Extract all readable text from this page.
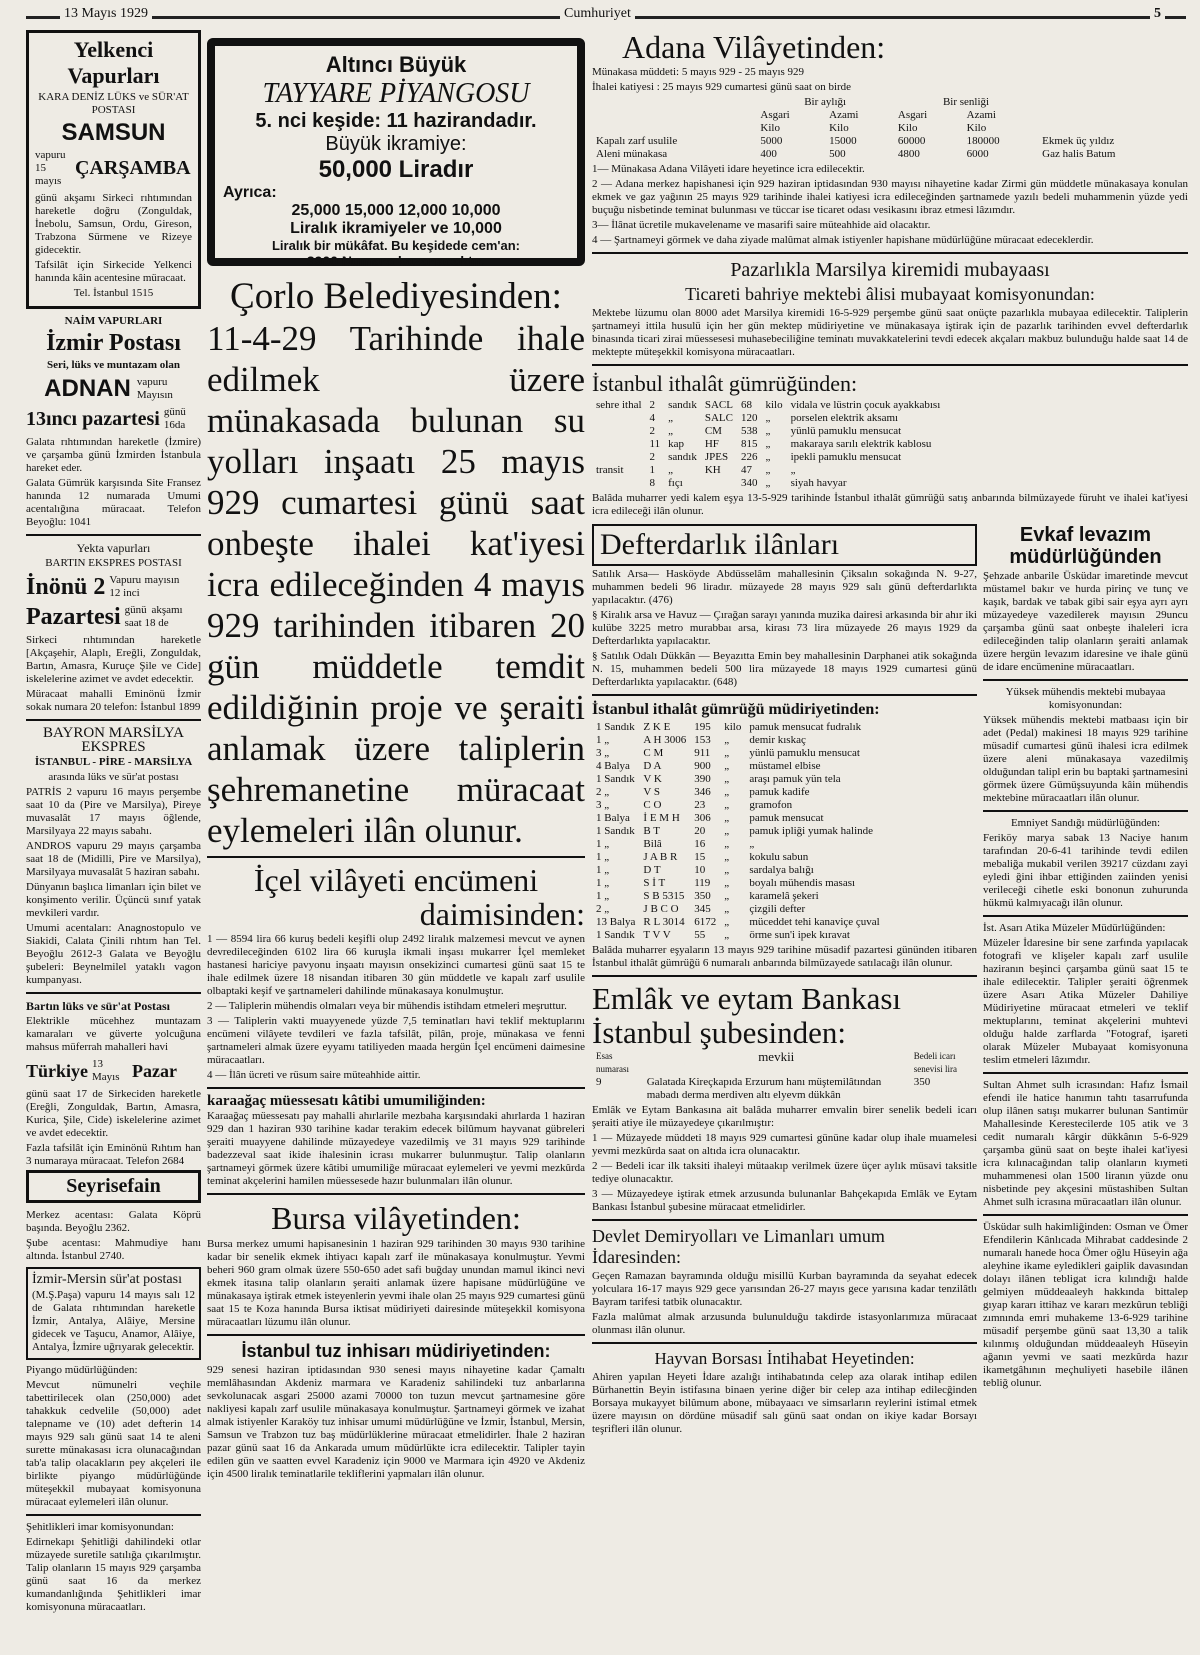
13 Mayıs 1929	Cumhuriyet	5

Yelkenci Vapurları

KARA DENİZ LÜKS ve SÜR'AT POSTASI

SAMSUN

vapuru 15 mayıs
ÇARŞAMBA

günü akşamı Sirkeci rıhtımından hareketle doğru (Zonguldak, İnebolu, Samsun, Ordu, Gireson, Trabzona Sürmene ve Rizeye gidecektir.

Tafsilât için Sirkecide Yelkenci hanında kâin acentesine müracaat.

Tel. İstanbul 1515

NAİM VAPURLARI

İzmir Postası

Seri, lüks ve muntazam olan

ADNAN vapuru Mayısın
13ıncı pazartesi günü 16da

Galata rıhtımından hareketle (İzmire) ve çarşamba günü İzmirden İstanbula hareket eder.

Galata Gümrük karşısında Site Fransez hanında 12 numarada Umumi acentalığına müracaat. Telefon Beyoğlu: 1041

Yekta vapurları

BARTIN EKSPRES POSTASI

İnönü 2 Vapuru mayısın 12 inci
Pazartesi günü akşamı saat 18 de

Sirkeci rıhtımından hareketle [Akçaşehir, Alaplı, Ereğli, Zonguldak, Bartın, Amasra, Kuruçe Şile ve Cide] iskelelerine azimet ve avdet edecektir.

Müracaat mahalli Eminönü İzmir sokak numara 20 telefon: İstanbul 1899

BAYRON MARSİLYA EKSPRES

İSTANBUL - PİRE - MARSİLYA

arasında lüks ve sür'at postası

PATRİS 2 vapuru 16 mayıs perşembe saat 10 da (Pire ve Marsilya), Pireye muvasalât 17 mayıs öğlende, Marsilyaya 22 mayıs sabahı.

ANDROS vapuru 29 mayıs çarşamba saat 18 de (Midilli, Pire ve Marsilya), Marsilyaya muvasalât 5 haziran sabahı.

Dünyanın başlıca limanları için bilet ve konşimento verilir. Üçüncü sınıf yatak mevkileri vardır.

Umumi acentaları: Anagnostopulo ve Siakidi, Calata Çinili rıhtım han Tel. Beyoğlu 2612-3 Galata ve Beyoğlu şubeleri: Beynelmilel yataklı vagon kumpanyası.

Bartın lüks ve sür'at Postası

Elektrikle mücehhez muntazam kamaraları ve güverte yolcuğuna mahsus müferrah mahalleri havi

Türkiye 13 Mayıs Pazar

günü saat 17 de Sirkeciden hareketle (Ereğli, Zonguldak, Bartın, Amasra, Kurica, Şile, Cide) iskelelerine azimet ve avdet edecektir.

Fazla tafsilât için Eminönü Rıhtım han 3 numaraya müracaat. Telefon 2684

Seyrisefain

Merkez acentası: Galata Köprü başında. Beyoğlu 2362.

Şube acentası: Mahmudiye hanı altında. İstanbul 2740.

İzmir-Mersin sür'at postası

(M.Ş.Paşa) vapuru 14 mayıs salı 12 de Galata rıhtımından hareketle İzmir, Antalya, Alâiye, Mersine gidecek ve Taşucu, Anamor, Alâiye, Antalya, İzmire uğrıyarak gelecektir.

Piyango müdürlüğünden:

Mevcut nümunelri veçhile tabettirilecek olan (250,000) adet tahakkuk cedvelile (50,000) adet talepname ve (10) adet defterin 14 mayıs 929 salı günü saat 14 te aleni surette münakasası icra olunacağından tab'a talip olacakların pey akçeleri ile birlikte piyango müdürlüğünde müteşekkil mubayaat komisyonuna müracaat eylemeleri ilân olunur.

Şehitlikleri imar komisyonundan:

Edirnekapı Şehitliği dahilindeki otlar müzayede suretile satılığa çıkarılmıştır. Talip olanların 15 mayıs 929 çarşamba günü saat 16 da merkez kumandanlığında Şehitlikleri imar komisyonuna müracaatları.

Altıncı Büyük

TAYYARE PİYANGOSU

5. nci keşide: 11 hazirandadır.

Büyük ikramiye:

50,000 Liradır

Ayrıca:

25,000 15,000 12,000 10,000

Liralık ikramiyeler ve 10,000

Liralık bir mükâfat. Bu keşidede cem'an:

3900 Numara kazanacaktır.

Çorlo Belediyesinden:

11-4-29 Tarihinde ihale edilmek üzere münakasada bulunan su yolları inşaatı 25 mayıs 929 cumartesi günü saat onbeşte ihalei kat'iyesi icra edileceğinden 4 mayıs 929 tarihinden itibaren 20 gün müddetle temdit edildiğinin proje ve şeraiti anlamak üzere taliplerin şehremanetine müracaat eylemeleri ilân olunur.

İçel vilâyeti encümeni

daimisinden:

1 — 8594 lira 66 kuruş bedeli keşifli olup 2492 liralık malzemesi mevcut ve aynen devredileceğinden 6102 lira 66 kuruşla ikmali inşası mukarrer İçel memleket hastanesi hariciye pavyonu inşaatı mayısın onsekizinci cumartesi günü saat 15 te ihale edilmek üzere 18 nisandan itibaren 30 gün müddetle ve kapalı zarf usulile olbaptaki keşif ve şartnameleri dahilinde münakasaya konulmuştur.

2 — Taliplerin mühendis olmaları veya bir mühendis istihdam etmeleri meşruttur.

3 — Taliplerin vakti muayyenede yüzde 7,5 teminatları havi teklif mektuplarını encümeni vilâyete tevdileri ve fazla tafsilât, pilân, proje, münakasa ve fenni şartnameleri almak üzere eyyamı tatiliyeden maada hergün İçel encümeni daimesine müracaatları.

4 — İlân ücreti ve rüsum saire müteahhide aittir.

karaağaç müessesatı kâtibi umumiliğinden:

Karaağaç müessesatı pay mahalli ahırlarile mezbaha karşısındaki ahırlarda 1 haziran 929 dan 1 haziran 930 tarihine kadar terakim edecek bilûmum hayvanat gübreleri şeraiti muayyene dahilinde müzayedeye vazedilmiş ve 31 mayıs 929 tarihinde badezzeval saat ikide ihalesinin icrası mukarrer bulunmuştur. Talip olanların şartnameyi görmek üzere kâtibi umumiliğe müracaat eylemeleri ve yevmi mezkûrda teminat akçelerini hamilen müessesede hazır bulunmaları ilân olunur.

Bursa vilâyetinden:

Bursa merkez umumi hapisanesinin 1 haziran 929 tarihinden 30 mayıs 930 tarihine kadar bir senelik ekmek ihtiyacı kapalı zarf ile münakasaya konulmuştur. Yevmi beheri 960 gram olmak üzere 550-650 adet safi buğday unundan mamul ikinci nevi ekmek itasına talip olanların şeraiti anlamak üzere hapisane müdürlüğüne ve münakasaya iştirak etmek isteyenlerin yevmi ihale olan 25 mayıs 929 cumartesi günü saat 15 te Koza hanında Bursa iktisat müdiriyeti dairesinde müteşekkil komisyona müracaatları lüzumu ilân olunur.

İstanbul tuz inhisarı müdiriyetinden:

929 senesi haziran iptidasından 930 senesi mayıs nihayetine kadar Çamaltı memlâhasından Akdeniz marmara ve Karadeniz sahilindeki tuz anbarlarına sevkolunacak asgari 25000 azami 70000 ton tuzun mevcut şartnamesine göre nakliyesi kapalı zarf usulile münakasaya konulmuştur. Şartnameyi görmek ve izahat almak istiyenler Karaköy tuz inhisar umumi müdürlüğüne ve İzmir, İstanbul, Mersin, Samsun ve Trabzon tuz baş müdürlüklerine müracaat etmelidirler. İhale 2 haziran pazar günü saat 16 da Ankarada umum müdürlükte icra edilecektir. Talipler tayin edilen gün ve saatten evvel Karadeniz için 9000 ve Marmara için 4920 ve Akdeniz için 4500 liralık teminatlarile tekliflerini yapmaları ilân olunur.

Adana Vilâyetinden:

Münakasa müddeti: 5 mayıs 929 - 25 mayıs 929

İhalei katiyesi : 25 mayıs 929 cumartesi günü saat on birde

	Bir aylığı		Bir senliği		
	Asgari	Azami	Asgari	Azami	
	Kilo	Kilo	Kilo	Kilo	
Kapalı zarf usulile	5000	15000	60000	180000	Ekmek üç yıldız
Aleni münakasa	400	500	4800	6000	Gaz halis Batum

1— Münakasa Adana Vilâyeti idare heyetince icra edilecektir.

2 — Adana merkez hapishanesi için 929 haziran iptidasından 930 mayısı nihayetine kadar Zirmi gün müddetle münakasaya konulan ekmek ve gaz yağının 25 mayıs 929 tarihinde ihalei katiyesi icra edileceğinden şartnamede yazılı bedeli muhammenin yüzde yedi buçuğu nisbetinde teminat bulunması ve tüccar ise ticaret odası vesikasını ibraz etmesi lâzımdır.

3— İlânat ücretile mukavelename ve masarifi saire müteahhide aid olacaktır.

4 — Şartnameyi görmek ve daha ziyade malûmat almak istiyenler hapishane müdürlüğüne müracaat edeceklerdir.

Pazarlıkla Marsilya kiremidi mubayaası

Ticareti bahriye mektebi âlisi mubayaat komisyonundan:

Mektebe lüzumu olan 8000 adet Marsilya kiremidi 16-5-929 perşembe günü saat onüçte pazarlıkla mubayaa edilecektir. Taliplerin şartnameyi ittila husulü için her gün mektep müdiriyetine ve münakasaya iştirak için de pazarlık tarihinden evvel defterdarlık binasında ticari zirai müessesesi muhasebeciliğine teminatı muvakkatelerini tevdi edecek akçaları makbuz bulunduğu halde saat 14 de mektepte müteşekkil komisyona müracaatları.

İstanbul ithalât gümrüğünden:

sehre ithal	2	sandık	SACL	68	kilo	vidala ve lüstrin çocuk ayakkabısı
	4	„	SALC	120	„	porselen elektrik aksamı
	2	„	CM	538	„	yünlü pamuklu mensucat
	11	kap	HF	815	„	makaraya sarılı elektrik kablosu
	2	sandık	JPES	226	„	ipekli pamuklu mensucat
transit	1	„	KH	47	„	„
	8	fıçı		340	„	siyah havyar

Balâda muharrer yedi kalem eşya 13-5-929 tarihinde İstanbul ithalât gümrüğü satış anbarında bilmüzayede füruht ve ihalei kat'iyesi icra edileceği ilân olunur.

Defterdarlık ilânları

Satılık Arsa— Hasköyde Abdüsselâm mahallesinin Çiksalın sokağında N. 9-27, muhammen bedeli 96 liradır. müzayede 28 mayıs 929 salı günü defterdarlıkta yapılacaktır. (476)

§ Kiralık arsa ve Havuz — Çırağan sarayı yanında muzika dairesi arkasında bir ahır iki kulübe 3225 metro murabbaı arsa, kirası 73 lira müzayede 26 mayıs 1929 da Defterdarlıkta yapılacaktır.

§ Satılık Odalı Dükkân — Beyazıtta Emin bey mahallesinin Darphanei atik sokağında N. 15, muhammen bedeli 500 lira müzayede 18 mayıs 1929 cumartesi günü Defterdarlıkta yapılacaktır. (648)

İstanbul ithalât gümrüğü müdiriyetinden:

1 Sandık	Z K E	195	kilo	pamuk mensucat fudralık
1 „	A H 3006	153	„	demir kıskaç
3 „	C M	911	„	yünlü pamuklu mensucat
4 Balya	D A	900	„	müstamel elbise
1 Sandık	V K	390	„	araşı pamuk yün tela
2 „	V S	346	„	pamuk kadife
3 „	C O	23	„	gramofon
1 Balya	İ E M H	306	„	pamuk mensucat
1 Sandık	B T	20	„	pamuk ipliği yumak halinde
1 „	Bilâ	16	„	„
1 „	J A B R	15	„	kokulu sabun
1 „	D T	10	„	sardalya balığı
1 „	S İ T	119	„	boyalı mühendis masası
1 „	S B 5315	350	„	karamelâ şekeri
2 „	J B C O	345	„	çizgili defter
13 Balya	R L 3014	6172	„	müceddet tehi kanaviçe çuval
1 Sandık	T V V	55	„	örme sun'i ipek kıravat

Balâda muharrer eşyaların 13 mayıs 929 tarihine müsadif pazartesi gününden itibaren İstanbul ithalât gümrüğü 6 numaralı anbarında bilmüzayede satılacağı ilân olunur.

Emlâk ve eytam Bankası

İstanbul şubesinden:

Esas numarası	mevkii	Bedeli icarı senevisi lira
9	Galatada Kireçkapıda Erzurum hanı müştemilâtından mabadı derma merdiven altı elyevm dükkân	350

Emlâk ve Eytam Bankasına ait balâda muharrer emvalin birer senelik bedeli icarı şeraiti atiye ile müzayedeye çıkarılmıştır:

1 — Müzayede müddeti 18 mayıs 929 cumartesi gününe kadar olup ihale muamelesi yevmi mezkûrda saat on altıda icra olunacaktır.

2 — Bedeli icar ilk taksiti ihaleyi mütaakıp verilmek üzere üçer aylık müsavi taksitle tediye olunacaktır.

3 — Müzayedeye iştirak etmek arzusunda bulunanlar Bahçekapıda Emlâk ve Eytam Bankası İstanbul şubesine müracaat etmelidirler.

Devlet Demiryolları ve Limanları umum İdaresinden:

Geçen Ramazan bayramında olduğu misillü Kurban bayramında da seyahat edecek yolculara 16-17 mayıs 929 gece yarısından 26-27 mayıs gece yarısına kadar tenzilâtlı Bayram tarifesi tatbik olunacaktır.

Fazla malûmat almak arzusunda bulunulduğu takdirde istasyonlarımıza müracaat olunması ilân olunur.

Hayvan Borsası İntihabat Heyetinden:

Ahiren yapılan Heyeti İdare azalığı intihabatında celep aza olarak intihap edilen Bürhanettin Beyin istifasına binaen yerine diğer bir celep aza intihap edilecğinden Borsaya mukayyet bilûmum abone, mübayaacı ve simsarların reylerini istimal etmek üzere mayısın on dördüne müsadif salı günü saat ondan on ikiye kadar Borsayı teşrifleri ilân olunur.

Evkaf levazım müdürlüğünden

Şehzade anbarile Üsküdar imaretinde mevcut müstamel bakır ve hurda pirinç ve tunç ve kaşık, bardak ve tabak gibi sair eşya ayrı ayrı müzayedeye vazedilerek mayısın 29uncu çarşamba günü saat onbeşte ihaleleri icra edileceğinden talip olanların şeraiti anlamak üzere hergün levazım idaresine ve ihale günü de idare encümenine müracaatları.

Yüksek mühendis mektebi mubayaa komisyonundan:

Yüksek mühendis mektebi matbaası için bir adet (Pedal) makinesi 18 mayıs 929 tarihine müsadif cumartesi günü ihalesi icra edilmek üzere aleni münakasaya vazedilmiş olduğundan talipl erin bu baptaki şartnamesini görmek üzere Gümüşsuyunda kâin mühendis mektebine müracaatları ilân olunur.

Emniyet Sandığı müdürlüğünden:

Feriköy marya sabak 13 Naciye hanım tarafından 20-6-41 tarihinde tevdi edilen mebaliğa mukabil verilen 39217 cüzdanı zayi eyledi ğini ihbar ettiğinden zaiinden yenisi verileceği cihetle eski bononun zuhurunda hükmü kalmıyacağı ilân olunur.

İst. Asarı Atika Müzeler Müdürlüğünden:

Müzeler İdaresine bir sene zarfında yapılacak fotografi ve klişeler kapalı zarf usulile haziranın beşinci çarşamba günü saat 15 te ihale edilecektir. Talipler şeraiti öğrenmek üzere Asarı Atika Müzeler Dahiliye Müdiriyetine müracaat etmeleri ve teklif mektuplarını, teminat akçelerini muhtevi olduğu halde zarflarda "Fotograf, işareti olarak Müzeler Mubayaat komisyonuna teslim etmeleri lâzımdır.

Sultan Ahmet sulh icrasından: Hafız İsmail efendi ile hatice hanımın tahtı tasarrufunda olup ilânen satışı mukarrer bulunan Santimür Mahallesinde Kerestecilerde 105 atik ve 3 cedit numaralı kârgir dükkânın 5-6-929 çarşamba günü saat on beşte ihalei kat'iyesi icra kılınacağından talip olanların kıymeti muhammenesi olan 1500 liranın yüzde onu nisbetinde pey akçesini müstashiben Sultan Ahmet sulh icrasına müracaatları ilân olunur.

Üsküdar sulh hakimliğinden: Osman ve Ömer Efendilerin Kânlıcada Mihrabat caddesinde 2 numaralı hanede hoca Ömer oğlu Hüseyin ağa aleyhine ikame eyledikleri gaiplik davasından dolayı ilânen tebligat icra kılındığı halde gelmiyen müddeaaleyh hakkında bittalep gıyap kararı ittihaz ve kararı mezkûrun tebliği zımnında emri muhakeme 13-6-929 tarihine müsadif perşembe günü saat 13,30 a talik kılınmış olduğundan müddeaaleyh Hüseyin ağanın yevmi ve saati mezkûrda hazır ikametgâhının meçhuliyeti hasebile ilânen tebliğ olunur.
